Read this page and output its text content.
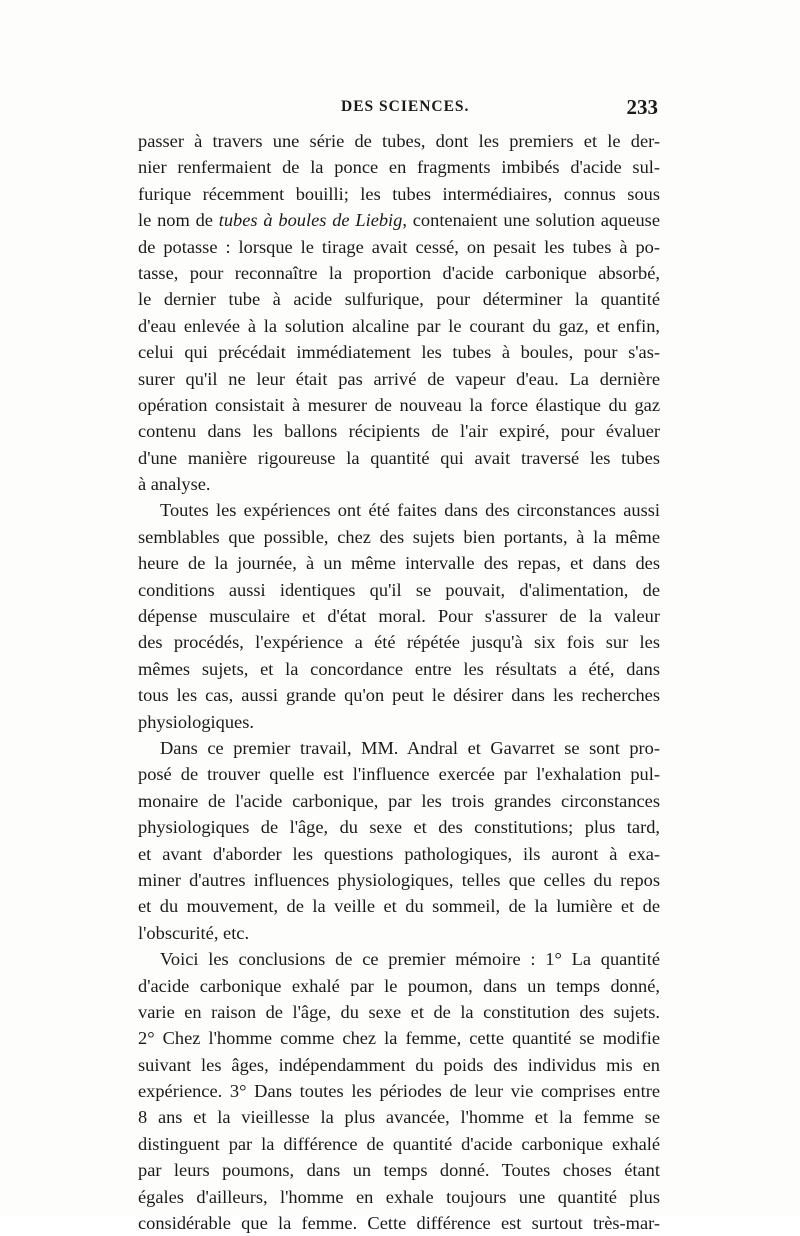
DES SCIENCES.	233
passer à travers une série de tubes, dont les premiers et le der-
nier renfermaient de la ponce en fragments imbibés d'acide sul-
furique récemment bouilli; les tubes intermédiaires, connus sous
le nom de tubes à boules de Liebig, contenaient une solution aqueuse
de potasse : lorsque le tirage avait cessé, on pesait les tubes à po-
tasse, pour reconnaître la proportion d'acide carbonique absorbé,
le dernier tube à acide sulfurique, pour déterminer la quantité
d'eau enlevée à la solution alcaline par le courant du gaz, et enfin,
celui qui précédait immédiatement les tubes à boules, pour s'as-
surer qu'il ne leur était pas arrivé de vapeur d'eau. La dernière
opération consistait à mesurer de nouveau la force élastique du gaz
contenu dans les ballons récipients de l'air expiré, pour évaluer
d'une manière rigoureuse la quantité qui avait traversé les tubes
à analyse.
Toutes les expériences ont été faites dans des circonstances aussi
semblables que possible, chez des sujets bien portants, à la même
heure de la journée, à un même intervalle des repas, et dans des
conditions aussi identiques qu'il se pouvait, d'alimentation, de
dépense musculaire et d'état moral. Pour s'assurer de la valeur
des procédés, l'expérience a été répétée jusqu'à six fois sur les
mêmes sujets, et la concordance entre les résultats a été, dans
tous les cas, aussi grande qu'on peut le désirer dans les recherches
physiologiques.
Dans ce premier travail, MM. Andral et Gavarret se sont pro-
posé de trouver quelle est l'influence exercée par l'exhalation pul-
monaire de l'acide carbonique, par les trois grandes circonstances
physiologiques de l'âge, du sexe et des constitutions; plus tard,
et avant d'aborder les questions pathologiques, ils auront à exa-
miner d'autres influences physiologiques, telles que celles du repos
et du mouvement, de la veille et du sommeil, de la lumière et de
l'obscurité, etc.
Voici les conclusions de ce premier mémoire : 1° La quantité
d'acide carbonique exhalé par le poumon, dans un temps donné,
varie en raison de l'âge, du sexe et de la constitution des sujets.
2° Chez l'homme comme chez la femme, cette quantité se modifie
suivant les âges, indépendamment du poids des individus mis en
expérience. 3° Dans toutes les périodes de leur vie comprises entre
8 ans et la vieillesse la plus avancée, l'homme et la femme se
distinguent par la différence de quantité d'acide carbonique exhalé
par leurs poumons, dans un temps donné. Toutes choses étant
égales d'ailleurs, l'homme en exhale toujours une quantité plus
considérable que la femme. Cette différence est surtout très-mar-
